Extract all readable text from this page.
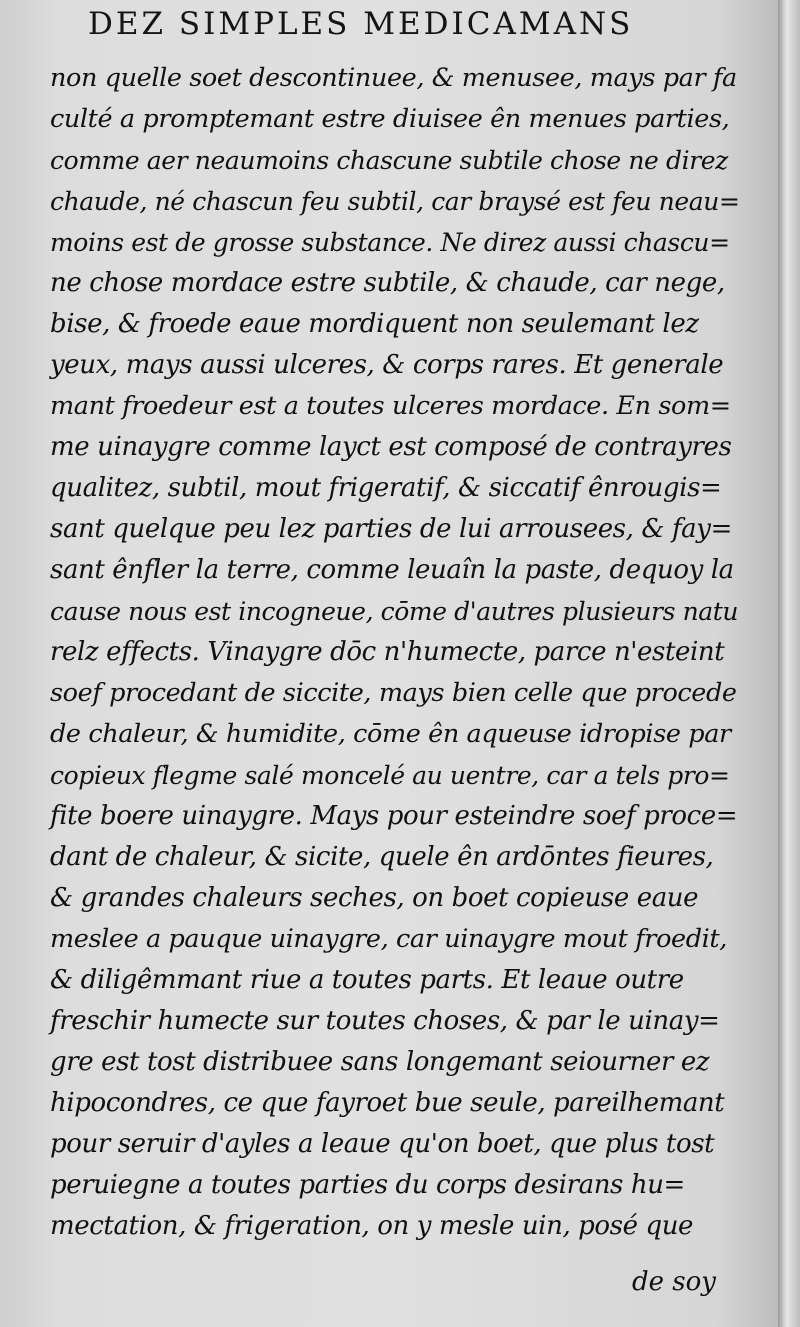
DEZ SIMPLES MEDICAMANS
non quelle soet descontinuee, & menusee, mays par fa
culté a promptemant estre diuisee ên menues parties,
comme aer neaumoins chascune subtile chose ne direz
chaude, né chascun feu subtil, car braysé est feu neau=
moins est de grosse substance. Ne direz aussi chascu=
ne chose mordace estre subtile, & chaude, car nege,
bise, & froede eaue mordiquent non seulemant lez
yeux, mays aussi ulceres, & corps rares. Et generale
mant froedeur est a toutes ulceres mordace. En som=
me uinaygre comme layct est composé de contrayres
qualitez, subtil, mout frigeratif, & siccatif ênrougis=
sant quelque peu lez parties de lui arrousees, & fay=
sant ênfler la terre, comme leuaîn la paste, dequoy la
cause nous est incogneue, cōme d'autres plusieurs natu
relz effects. Vinaygre dōc n'humecte, parce n'esteint
soef procedant de siccite, mays bien celle que procede
de chaleur, & humidite, cōme ên aqueuse idropise par
copieux flegme salé moncelé au uentre, car a tels pro=
fite boere uinaygre. Mays pour esteindre soef proce=
dant de chaleur, & sicite, quele ên ardōntes fieures,
& grandes chaleurs seches, on boet copieuse eaue
meslee a pauque uinaygre, car uinaygre mout froedit,
& diligêmmant riue a toutes parts. Et leaue outre
freschir humecte sur toutes choses, & par le uinay=
gre est tost distribuee sans longemant seiourner ez
hipocondres, ce que fayroet bue seule, pareilhemant
pour seruir d'ayles a leaue qu'on boet, que plus tost
peruiegne a toutes parties du corps desirans hu=
mectation, & frigeration, on y mesle uin, posé que
de soy
